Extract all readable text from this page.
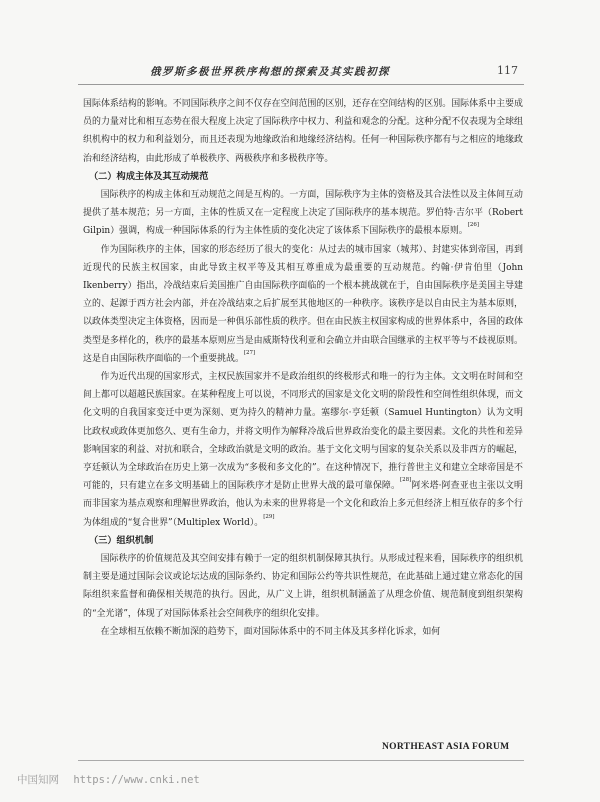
俄罗斯多极世界秩序构想的探索及其实践初探	117

国际体系结构的影响。不同国际秩序之间不仅存在空间范围的区别，还存在空间结构的区别。国际体系中主要成员的力量对比和相互态势在很大程度上决定了国际秩序中权力、利益和观念的分配。这种分配不仅表现为全球组织机构中的权力和利益划分，而且还表现为地缘政治和地缘经济结构。任何一种国际秩序都有与之相应的地缘政治和经济结构，由此形成了单极秩序、两极秩序和多极秩序等。

（二）构成主体及其互动规范

国际秩序的构成主体和互动规范之间是互构的。一方面，国际秩序为主体的资格及其合法性以及主体间互动提供了基本规范；另一方面，主体的性质又在一定程度上决定了国际秩序的基本规范。罗伯特·吉尔平（Robert Gilpin）强调，构成一种国际体系的行为主体性质的变化决定了该体系下国际秩序的最根本原则。[26]

作为国际秩序的主体，国家的形态经历了很大的变化：从过去的城市国家（城邦）、封建实体到帝国，再到近现代的民族主权国家，由此导致主权平等及其相互尊重成为最重要的互动规范。约翰·伊肯伯里（John Ikenberry）指出，冷战结束后美国推广自由国际秩序面临的一个根本挑战就在于，自由国际秩序是美国主导建立的、起源于西方社会内部，并在冷战结束之后扩展至其他地区的一种秩序。该秩序是以自由民主为基本原则，以政体类型决定主体资格，因而是一种俱乐部性质的秩序。但在由民族主权国家构成的世界体系中，各国的政体类型是多样化的，秩序的最基本原则应当是由威斯特伐利亚和会确立并由联合国继承的主权平等与不歧视原则。这是自由国际秩序面临的一个重要挑战。[27]

作为近代出现的国家形式，主权民族国家并不是政治组织的终极形式和唯一的行为主体。文文明在时间和空间上都可以超越民族国家。在某种程度上可以说，不同形式的国家是文化文明的阶段性和空间性组织体现，而文化文明的自我国家变迁中更为深刻、更为持久的精神力量。塞缪尔·亨廷顿（Samuel Huntington）认为文明比政权或政体更加悠久、更有生命力，并将文明作为解释冷战后世界政治变化的最主要因素。文化的共性和差异影响国家的利益、对抗和联合，全球政治就是文明的政治。基于文化文明与国家的复杂关系以及非西方的崛起，亨廷顿认为全球政治在历史上第一次成为“多极和多文化的”。在这种情况下，推行普世主义和建立全球帝国是不可能的，只有建立在多文明基础上的国际秩序才是防止世界大战的最可靠保障。[28]阿米塔·阿查亚也主张以文明而非国家为基点观察和理解世界政治，他认为未来的世界将是一个文化和政治上多元但经济上相互依存的多个行为体组成的“复合世界”（Multiplex World）。[29]

（三）组织机制

国际秩序的价值规范及其空间安排有赖于一定的组织机制保障其执行。从形成过程来看，国际秩序的组织机制主要是通过国际会议或论坛达成的国际条约、协定和国际公约等共识性规范，在此基础上通过建立常态化的国际组织来监督和确保相关规范的执行。因此，从广义上讲，组织机制涵盖了从理念价值、规范制度到组织架构的“全光谱”，体现了对国际体系社会空间秩序的组织化安排。

在全球相互依赖不断加深的趋势下，面对国际体系中的不同主体及其多样化诉求，如何

NORTHEAST ASIA FORUM
中国知网 https://www.cnki.net
